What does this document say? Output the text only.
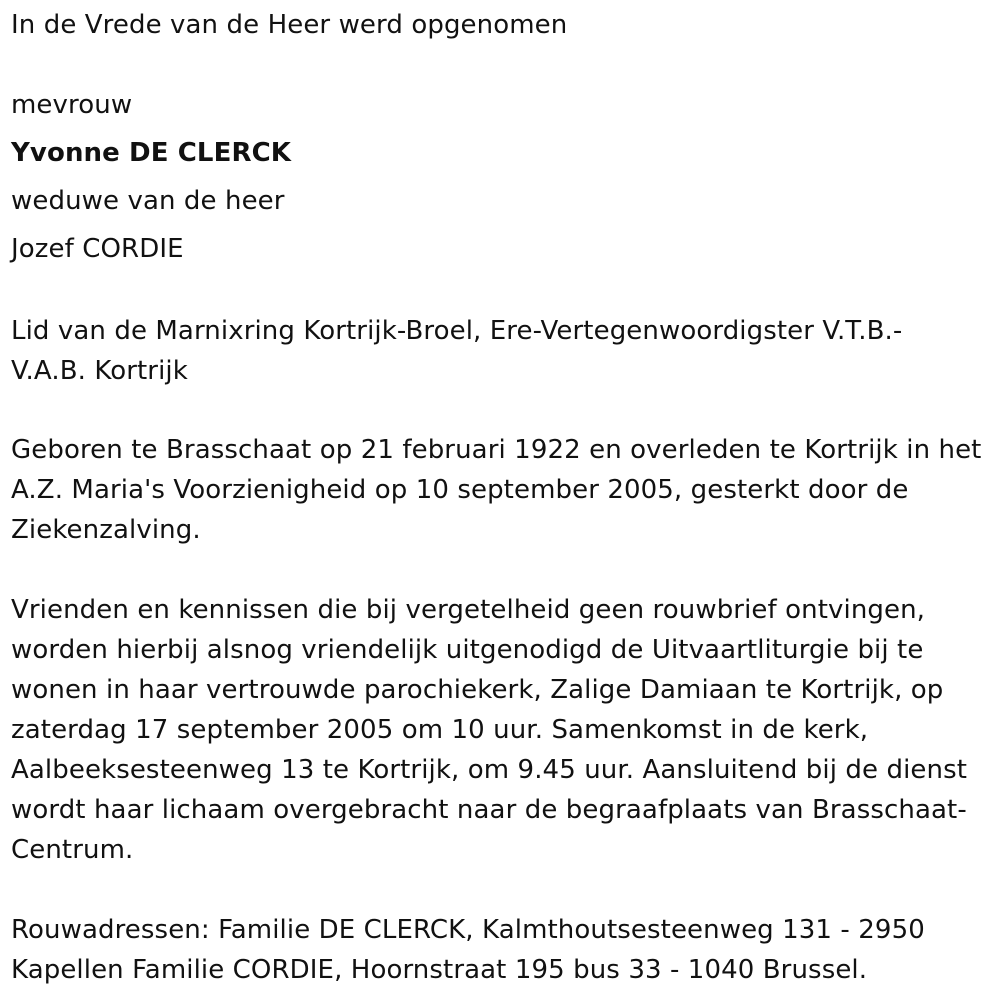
In de Vrede van de Heer werd opgenomen
mevrouw
Yvonne DE CLERCK
weduwe van de heer
Jozef CORDIE
Lid van de Marnixring Kortrijk-Broel, Ere-Vertegenwoordigster V.T.B.-
V.A.B. Kortrijk
Geboren te Brasschaat op 21 februari 1922 en overleden te Kortrijk in het
A.Z. Maria's Voorzienigheid op 10 september 2005, gesterkt door de
Ziekenzalving.
Vrienden en kennissen die bij vergetelheid geen rouwbrief ontvingen,
worden hierbij alsnog vriendelijk uitgenodigd de Uitvaartliturgie bij te
wonen in haar vertrouwde parochiekerk, Zalige Damiaan te Kortrijk, op
zaterdag 17 september 2005 om 10 uur. Samenkomst in de kerk,
Aalbeeksesteenweg 13 te Kortrijk, om 9.45 uur. Aansluitend bij de dienst
wordt haar lichaam overgebracht naar de begraafplaats van Brasschaat-
Centrum.
Rouwadressen: Familie DE CLERCK, Kalmthoutsesteenweg 131 - 2950
Kapellen Familie CORDIE, Hoornstraat 195 bus 33 - 1040 Brussel.
